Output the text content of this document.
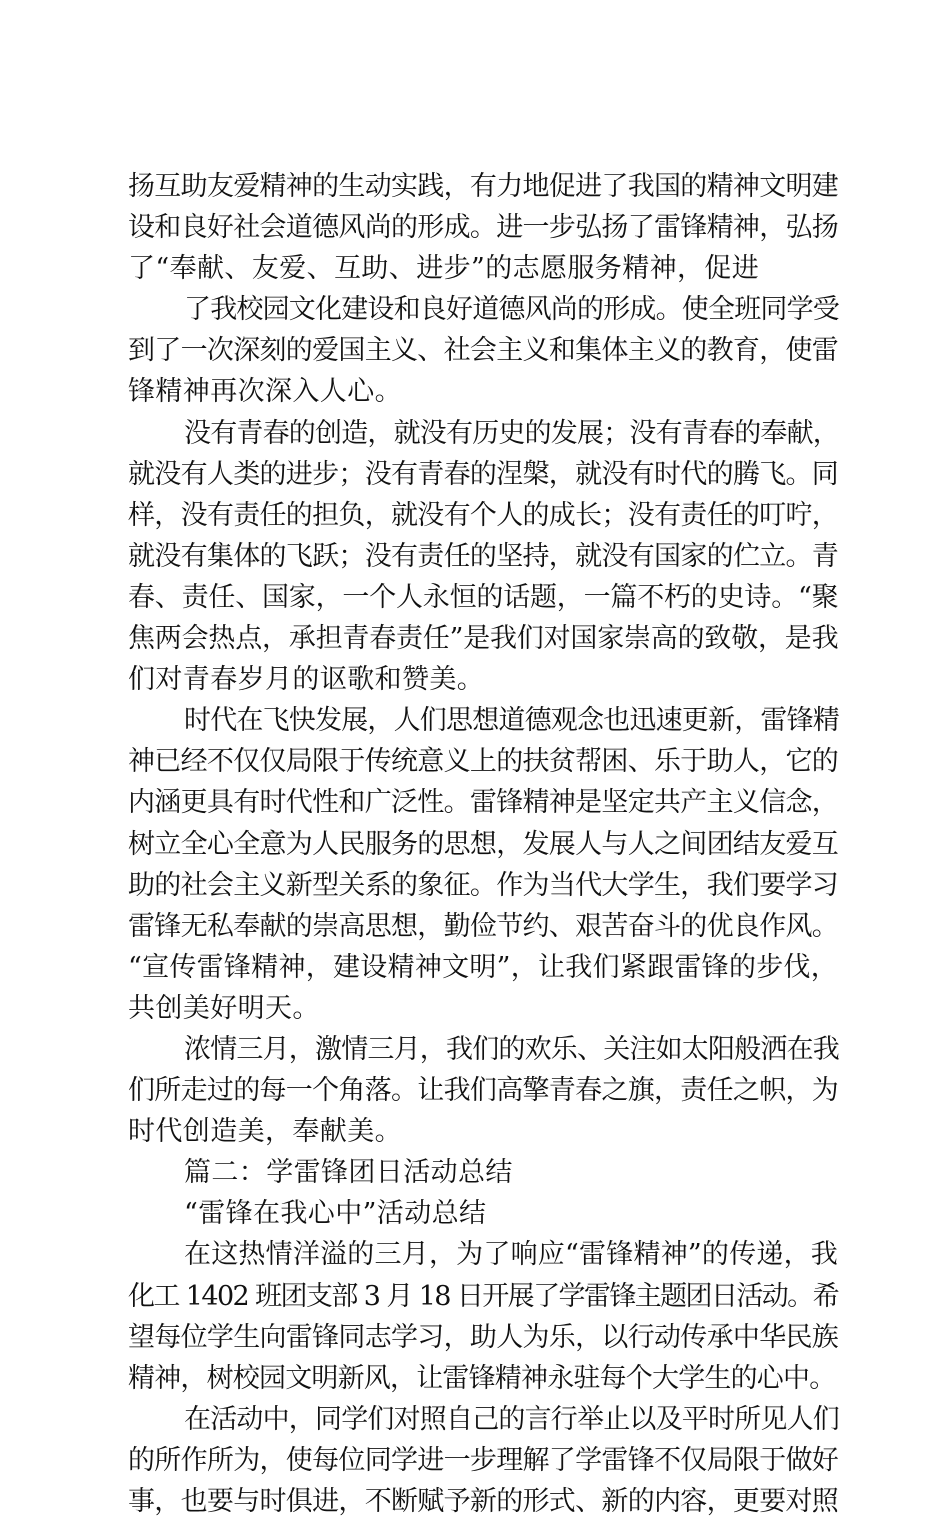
扬互助友爱精神的生动实践，有力地促进了我国的精神文明建
设和良好社会道德风尚的形成。进一步弘扬了雷锋精神，弘扬
了“奉献、友爱、互助、进步”的志愿服务精神，促进
了我校园文化建设和良好道德风尚的形成。使全班同学受
到了一次深刻的爱国主义、社会主义和集体主义的教育，使雷
锋精神再次深入人心。
没有青春的创造，就没有历史的发展；没有青春的奉献，
就没有人类的进步；没有青春的涅槃，就没有时代的腾飞。同
样，没有责任的担负，就没有个人的成长；没有责任的叮咛，
就没有集体的飞跃；没有责任的坚持，就没有国家的伫立。青
春、责任、国家，一个人永恒的话题，一篇不朽的史诗。“聚
焦两会热点，承担青春责任”是我们对国家崇高的致敬，是我
们对青春岁月的讴歌和赞美。
时代在飞快发展，人们思想道德观念也迅速更新，雷锋精
神已经不仅仅局限于传统意义上的扶贫帮困、乐于助人，它的
内涵更具有时代性和广泛性。雷锋精神是坚定共产主义信念，
树立全心全意为人民服务的思想，发展人与人之间团结友爱互
助的社会主义新型关系的象征。作为当代大学生，我们要学习
雷锋无私奉献的崇高思想，勤俭节约、艰苦奋斗的优良作风。
“宣传雷锋精神，建设精神文明”，让我们紧跟雷锋的步伐，
共创美好明天。
浓情三月，激情三月，我们的欢乐、关注如太阳般洒在我
们所走过的每一个角落。让我们高擎青春之旗，责任之帜，为
时代创造美，奉献美。
篇二：学雷锋团日活动总结
“雷锋在我心中”活动总结
在这热情洋溢的三月，为了响应“雷锋精神”的传递，我
化工 1402 班团支部 3 月 18 日开展了学雷锋主题团日活动。希
望每位学生向雷锋同志学习，助人为乐，以行动传承中华民族
精神，树校园文明新风，让雷锋精神永驻每个大学生的心中。
在活动中，同学们对照自己的言行举止以及平时所见人们
的所作所为，使每位同学进一步理解了学雷锋不仅局限于做好
事，也要与时俱进，不断赋予新的形式、新的内容，更要对照
